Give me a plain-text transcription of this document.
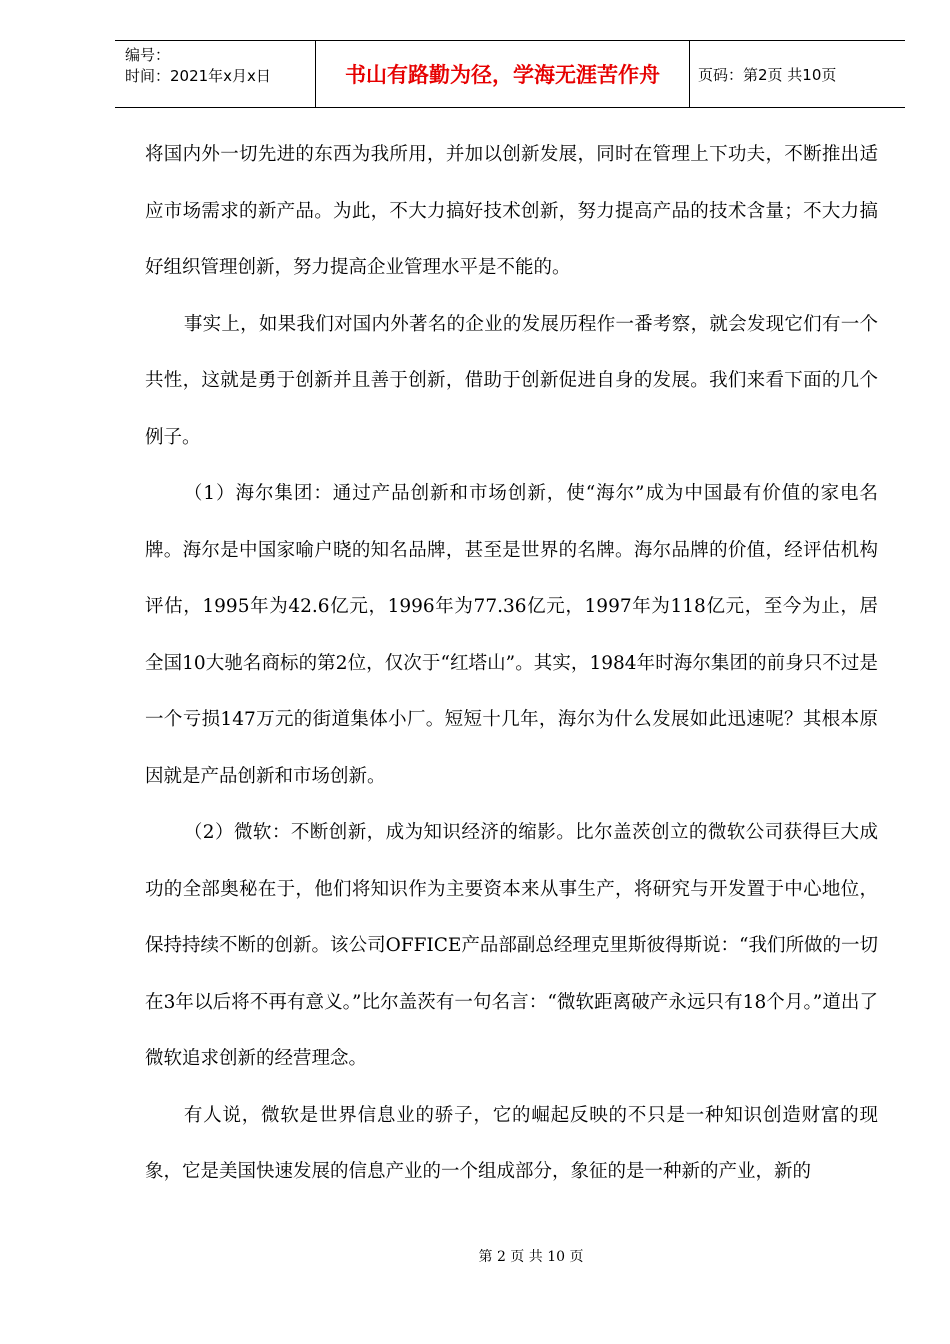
编号：
时间：2021年x月x日	书山有路勤为径，学海无涯苦作舟	页码：第2页 共10页

将国内外一切先进的东西为我所用，并加以创新发展，同时在管理上下功夫，不断推出适应市场需求的新产品。为此，不大力搞好技术创新，努力提高产品的技术含量；不大力搞好组织管理创新，努力提高企业管理水平是不能的。

事实上，如果我们对国内外著名的企业的发展历程作一番考察，就会发现它们有一个共性，这就是勇于创新并且善于创新，借助于创新促进自身的发展。我们来看下面的几个例子。

（1）海尔集团：通过产品创新和市场创新，使“海尔”成为中国最有价值的家电名牌。海尔是中国家喻户晓的知名品牌，甚至是世界的名牌。海尔品牌的价值，经评估机构评估，1995年为42.6亿元，1996年为77.36亿元，1997年为118亿元，至今为止，居全国10大驰名商标的第2位，仅次于“红塔山”。其实，1984年时海尔集团的前身只不过是一个亏损147万元的街道集体小厂。短短十几年，海尔为什么发展如此迅速呢？其根本原因就是产品创新和市场创新。

（2）微软：不断创新，成为知识经济的缩影。比尔盖茨创立的微软公司获得巨大成功的全部奥秘在于，他们将知识作为主要资本来从事生产，将研究与开发置于中心地位，保持持续不断的创新。该公司OFFICE产品部副总经理克里斯彼得斯说：“我们所做的一切在3年以后将不再有意义。”比尔盖茨有一句名言：“微软距离破产永远只有18个月。”道出了微软追求创新的经营理念。

有人说，微软是世界信息业的骄子，它的崛起反映的不只是一种知识创造财富的现象，它是美国快速发展的信息产业的一个组成部分，象征的是一种新的产业，新的

第 2 页 共 10 页
